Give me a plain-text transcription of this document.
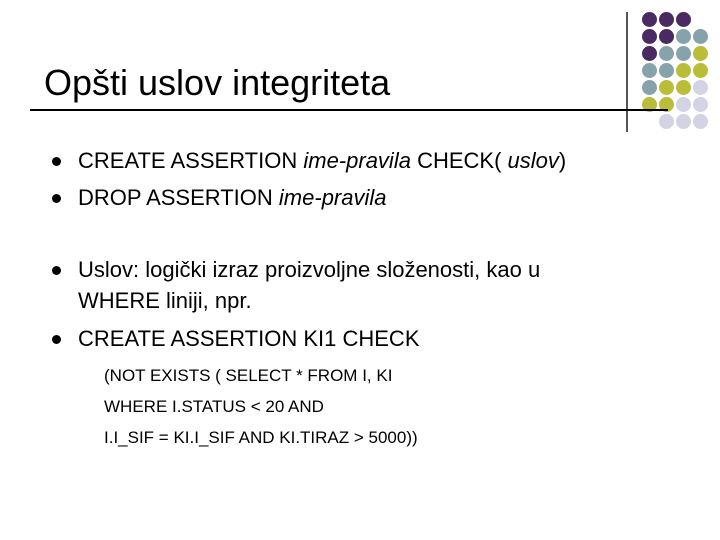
Opšti uslov integriteta
CREATE ASSERTION ime-pravila CHECK( uslov)
DROP ASSERTION ime-pravila
Uslov: logički izraz proizvoljne složenosti, kao u
CREATE ASSERTION KI1 CHECK
WHERE liniji, npr.
(NOT EXISTS ( SELECT * FROM I, KI
WHERE I.STATUS < 20 AND
I.I_SIF = KI.I_SIF AND KI.TIRAZ > 5000))
